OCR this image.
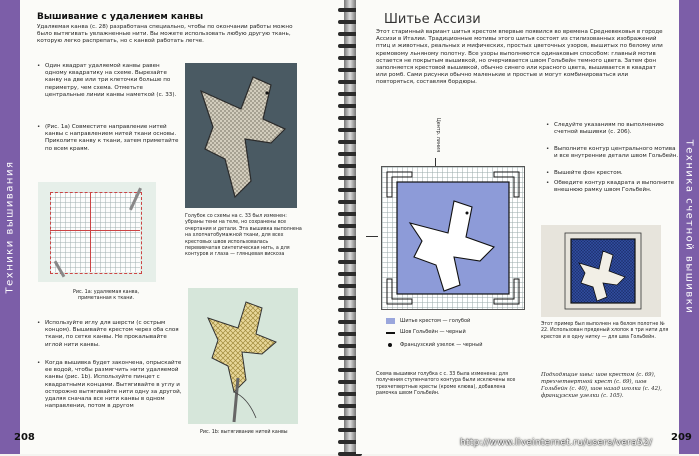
Техники вышивания
Вышивание с удалением канвы
Удаляемая канва (с. 28) разработана специально, чтобы по окончании работы можно было вытягивать увлажненные нити. Вы можете использовать любую другую ткань, которую легко распрепать, но с канвой работать легче.
• Один квадрат удаляемой канвы равен одному квадратику на схеме. Вырезайте канву на две или три клеточки больше по периметру, чем схема. Отметьте центральные линии канвы наметкой (с. 33).
• (Рис. 1а) Совместите направление нитей канвы с направлением нитей ткани основы. Приколите канву к ткани, затем приметайте по всем краям.
Рис. 1а: удаляемая канва, приметанная к ткани.
Голубок со схемы на с. 33 был изменен: убраны тени на теле, но сохранены все очертания и детали. Эта вышивка выполнена на хлопчатобумажной ткани, для всех крестовых швов использовалась перевивчатая синтетическая нить, а для контуров и глаза — глянцевая вискоза
• Используйте иглу для шерсти (с острым концом). Вышивайте крестом через оба слоя ткани, по сетке канвы. Не прокалывайте иглой нити канвы.
• Когда вышивка будет закончена, опрыскайте ее водой, чтобы размягчить нити удаляемой канвы (рис. 1b). Используйте пинцет с квадратными концами. Вытягивайте в углу и осторожно вытягивайте нити одну за другой, удаляя сначала все нити канвы в одном направлении, потом в другом
Рис. 1b: вытягивание нитей канвы
208
Техника счетной вышивки
Шитье Ассизи
Этот старинный вариант шитья крестом впервые появился во времена Средневековья в городе Ассизи в Италии. Традиционные мотивы этого шитья состоят из стилизованных изображений птиц и животных, реальных и мифических, простых цветочных узоров, вышитых по белому или кремовому льняному полотну. Все узоры выполняются одинаковым способом: главный мотив остается не покрытым вышивкой, но очерчивается швом Гольбейн темного цвета. Затем фон заполняется крестовой вышивкой, обычно синего или красного цвета, вышивается в квадрат или ромб. Сами рисунки обычно маленькие и простые и могут комбинироваться или повторяться, составляя бордюры.
Центр. линия
Шитье крестом — голубой
Шов Гольбейн — черный
Французский узелок — черный
Схема вышивки голубка с с. 33 была изменена: для получения ступенчатого контура были исключены все трехчетвертные кресты (кроме клюва), добавлена рамочка швом Гольбейн.
• Следуйте указаниям по выполнению счетной вышивки (с. 206).
• Выполните контур центрального мотива и все внутренние детали швом Гольбейн.
• Вышейте фон крестом.
• Обведите контур квадрата и выполните внешнюю рамку швом Гольбейн.
Этот пример был выполнен на белом полотне № 22. Использован пряденый хлопок в три нити для крестов и в одну нитку — для шва Гольбейн.
Подходящие швы: шов крестом (с. 69), трехчетвертной крест (с. 69), шов Гольбейн (с. 40), шов назад иголка (с. 42), французские узелки (с. 105).
209
http://www.liveinternet.ru/users/vera52/
